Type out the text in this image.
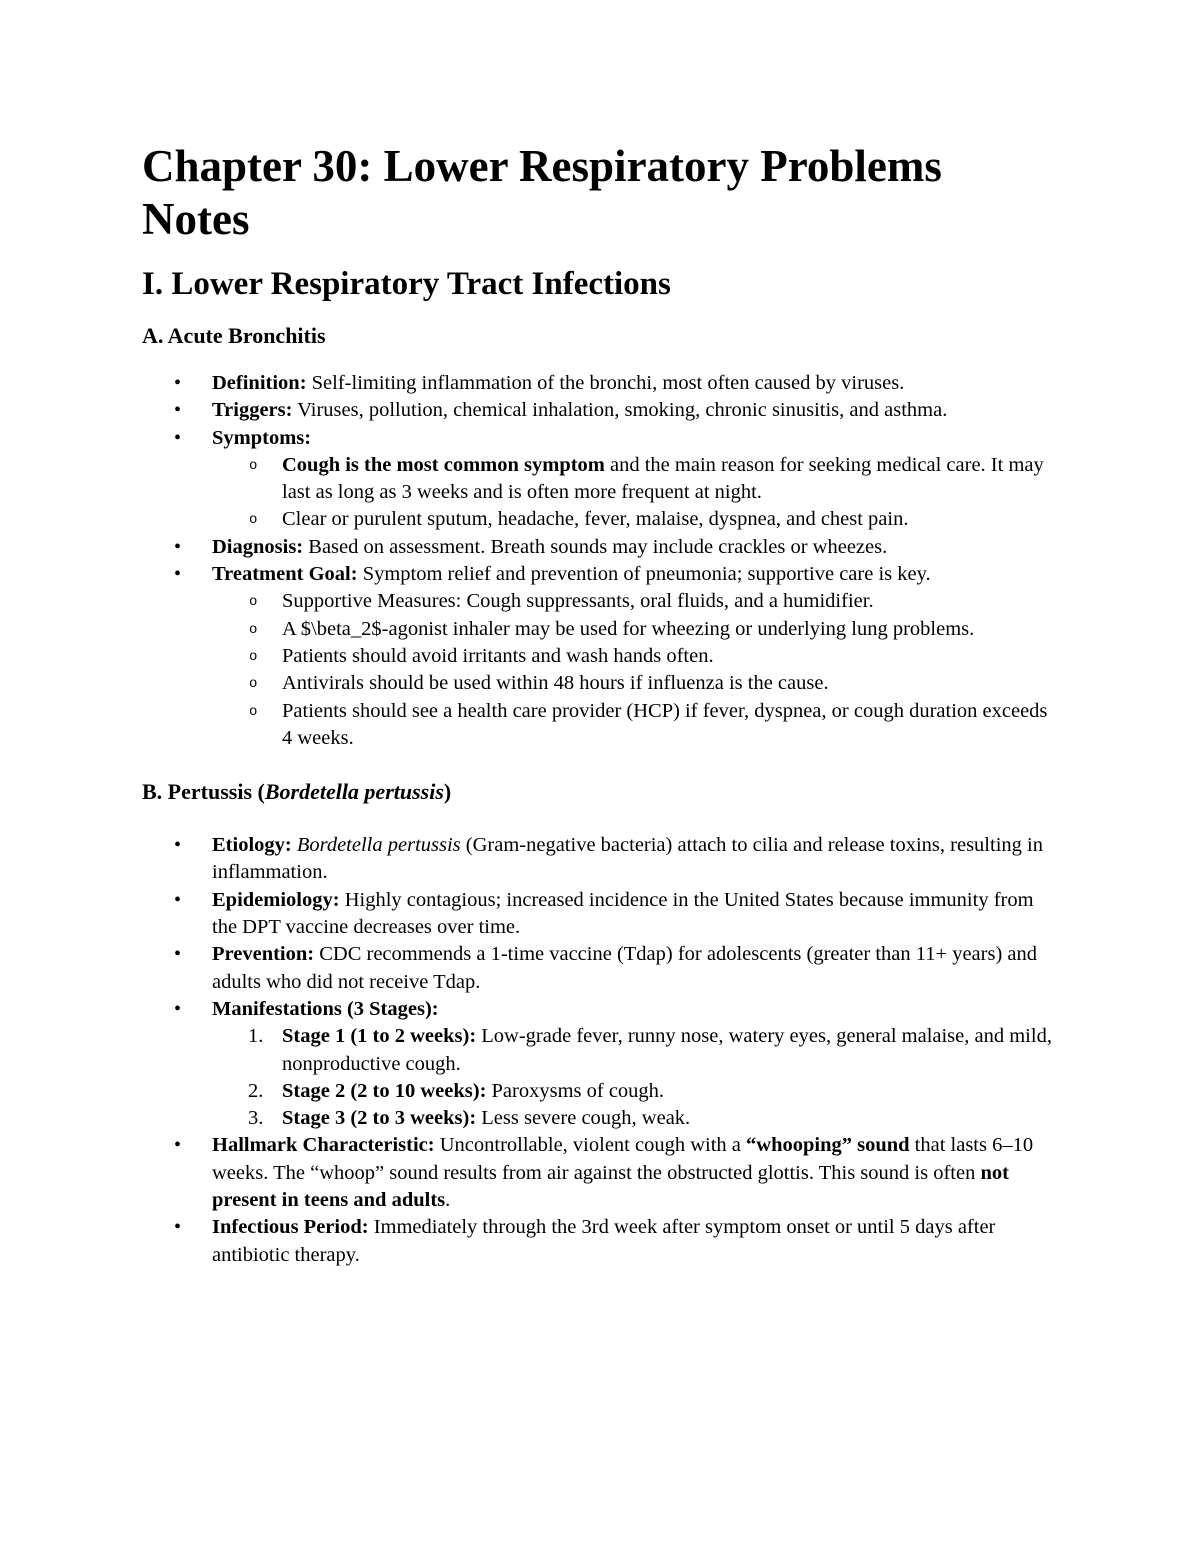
Chapter 30: Lower Respiratory Problems Notes
I. Lower Respiratory Tract Infections
A. Acute Bronchitis
• Definition: Self-limiting inflammation of the bronchi, most often caused by viruses.
• Triggers: Viruses, pollution, chemical inhalation, smoking, chronic sinusitis, and asthma.
• Symptoms:
o Cough is the most common symptom and the main reason for seeking medical care. It may last as long as 3 weeks and is often more frequent at night.
o Clear or purulent sputum, headache, fever, malaise, dyspnea, and chest pain.
• Diagnosis: Based on assessment. Breath sounds may include crackles or wheezes.
• Treatment Goal: Symptom relief and prevention of pneumonia; supportive care is key.
o Supportive Measures: Cough suppressants, oral fluids, and a humidifier.
o A $\beta_2$-agonist inhaler may be used for wheezing or underlying lung problems.
o Patients should avoid irritants and wash hands often.
o Antivirals should be used within 48 hours if influenza is the cause.
o Patients should see a health care provider (HCP) if fever, dyspnea, or cough duration exceeds 4 weeks.
B. Pertussis (Bordetella pertussis)
• Etiology: Bordetella pertussis (Gram-negative bacteria) attach to cilia and release toxins, resulting in inflammation.
• Epidemiology: Highly contagious; increased incidence in the United States because immunity from the DPT vaccine decreases over time.
• Prevention: CDC recommends a 1-time vaccine (Tdap) for adolescents (greater than 11+ years) and adults who did not receive Tdap.
• Manifestations (3 Stages):
1. Stage 1 (1 to 2 weeks): Low-grade fever, runny nose, watery eyes, general malaise, and mild, nonproductive cough.
2. Stage 2 (2 to 10 weeks): Paroxysms of cough.
3. Stage 3 (2 to 3 weeks): Less severe cough, weak.
• Hallmark Characteristic: Uncontrollable, violent cough with a “whooping” sound that lasts 6–10 weeks. The “whoop” sound results from air against the obstructed glottis. This sound is often not present in teens and adults.
• Infectious Period: Immediately through the 3rd week after symptom onset or until 5 days after antibiotic therapy.
